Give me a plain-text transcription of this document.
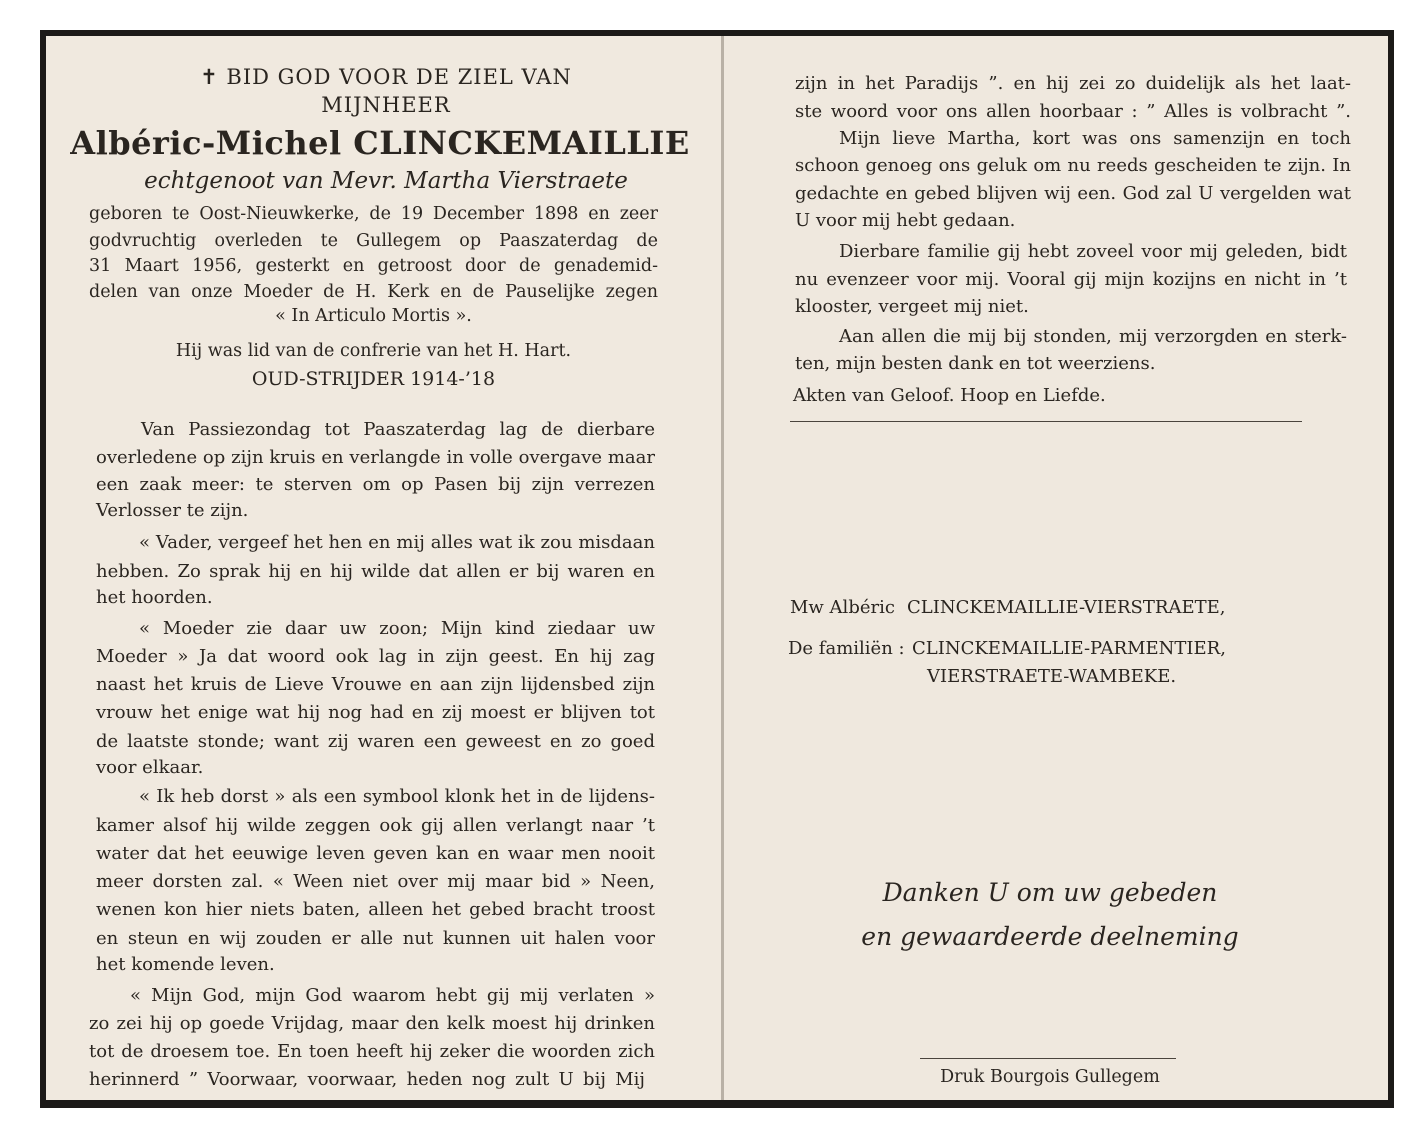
✝ BID GOD VOOR DE ZIEL VAN
MIJNHEER
Albéric-Michel CLINCKEMAILLIE
echtgenoot van Mevr. Martha Vierstraete
geboren te Oost-Nieuwkerke, de 19 December 1898 en zeer
godvruchtig overleden te Gullegem op Paaszaterdag de
31 Maart 1956, gesterkt en getroost door de genademid-
delen van onze Moeder de H. Kerk en de Pauselijke zegen
« In Articulo Mortis ».
Hij was lid van de confrerie van het H. Hart.
OUD-STRIJDER 1914-’18
Van Passiezondag tot Paaszaterdag lag de dierbare
overledene op zijn kruis en verlangde in volle overgave maar
een zaak meer: te sterven om op Pasen bij zijn verrezen
Verlosser te zijn.
« Vader, vergeef het hen en mij alles wat ik zou misdaan
hebben. Zo sprak hij en hij wilde dat allen er bij waren en
het hoorden.
« Moeder zie daar uw zoon; Mijn kind ziedaar uw
Moeder » Ja dat woord ook lag in zijn geest. En hij zag
naast het kruis de Lieve Vrouwe en aan zijn lijdensbed zijn
vrouw het enige wat hij nog had en zij moest er blijven tot
de laatste stonde; want zij waren een geweest en zo goed
voor elkaar.
« Ik heb dorst » als een symbool klonk het in de lijdens-
kamer alsof hij wilde zeggen ook gij allen verlangt naar ’t
water dat het eeuwige leven geven kan en waar men nooit
meer dorsten zal. « Ween niet over mij maar bid » Neen,
wenen kon hier niets baten, alleen het gebed bracht troost
en steun en wij zouden er alle nut kunnen uit halen voor
het komende leven.
« Mijn God, mijn God waarom hebt gij mij verlaten »
zo zei hij op goede Vrijdag, maar den kelk moest hij drinken
tot de droesem toe. En toen heeft hij zeker die woorden zich
herinnerd ” Voorwaar, voorwaar, heden nog zult U bij Mij
zijn in het Paradijs ”. en hij zei zo duidelijk als het laat-
ste woord voor ons allen hoorbaar : ” Alles is volbracht ”.
Mijn lieve Martha, kort was ons samenzijn en toch
schoon genoeg ons geluk om nu reeds gescheiden te zijn. In
gedachte en gebed blijven wij een. God zal U vergelden wat
U voor mij hebt gedaan.
Dierbare familie gij hebt zoveel voor mij geleden, bidt
nu evenzeer voor mij. Vooral gij mijn kozijns en nicht in ’t
klooster, vergeet mij niet.
Aan allen die mij bij stonden, mij verzorgden en sterk-
ten, mijn besten dank en tot weerziens.
Akten van Geloof. Hoop en Liefde.
Mw Albéric CLINCKEMAILLIE-VIERSTRAETE,
De familiën : CLINCKEMAILLIE-PARMENTIER,
VIERSTRAETE-WAMBEKE.
Danken U om uw gebeden
en gewaardeerde deelneming
Druk Bourgois Gullegem
